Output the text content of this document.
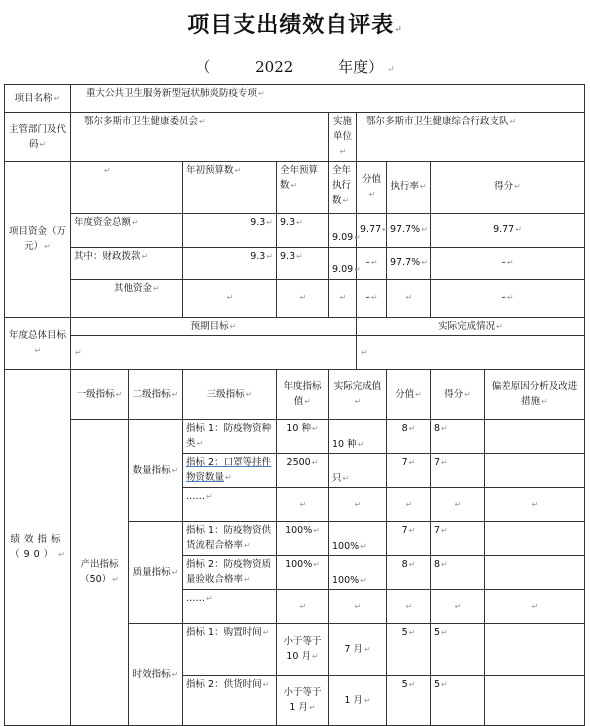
项目支出绩效自评表↵
（	2022	年度） ↵
项目名称↵	重大公共卫生服务新型冠状肺炎防疫专项↵								
主管部门及代码↵	鄂尔多斯市卫生健康委员会↵				实施单位↵	鄂尔多斯市卫生健康综合行政支队↵			
项目资金（万元）↵	↵		年初预算数↵	全年预算数↵	全年执行数↵	分值↵	执行率↵	得分↵	
	年度资金总额↵		9.3↵	9.3↵	9.09↵	9.77↵	97.7%↵	9.77↵	
	其中：财政拨款↵		9.3↵	9.3↵	9.09↵	–↵	97.7%↵	–↵	
	其他资金↵		↵	↵	↵	–↵	↵	–↵	
年度总体目标↵	预期目标↵					实际完成情况↵			
	↵					↵			
绩效指标（90）↵	一级指标↵	二级指标↵	三级指标↵	年度指标值↵	实际完成值↵		分值↵	得分↵	偏差原因分析及改进措施↵
	产出指标（50）↵	数量指标↵	指标 1：防疫物资种类↵	10 种↵	10 种↵		8↵	8↵	
			指标 2：口罩等挂件物资数量↵	2500↵	只↵		7↵	7↵	
			……↵	↵	↵		↵	↵	↵
		质量指标↵	指标 1：防疫物资供货流程合格率↵	100%↵	100%↵		7↵	7↵	
			指标 2：防疫物资质量验收合格率↵	100%↵	100%↵		8↵	8↵	
			……↵	↵	↵		↵	↵	↵
		时效指标↵	指标 1：购置时间↵	小于等于 10 月↵	7 月↵		5↵	5↵	
			指标 2：供货时间↵	小于等于 1 月↵	1 月↵		5↵	5↵	
